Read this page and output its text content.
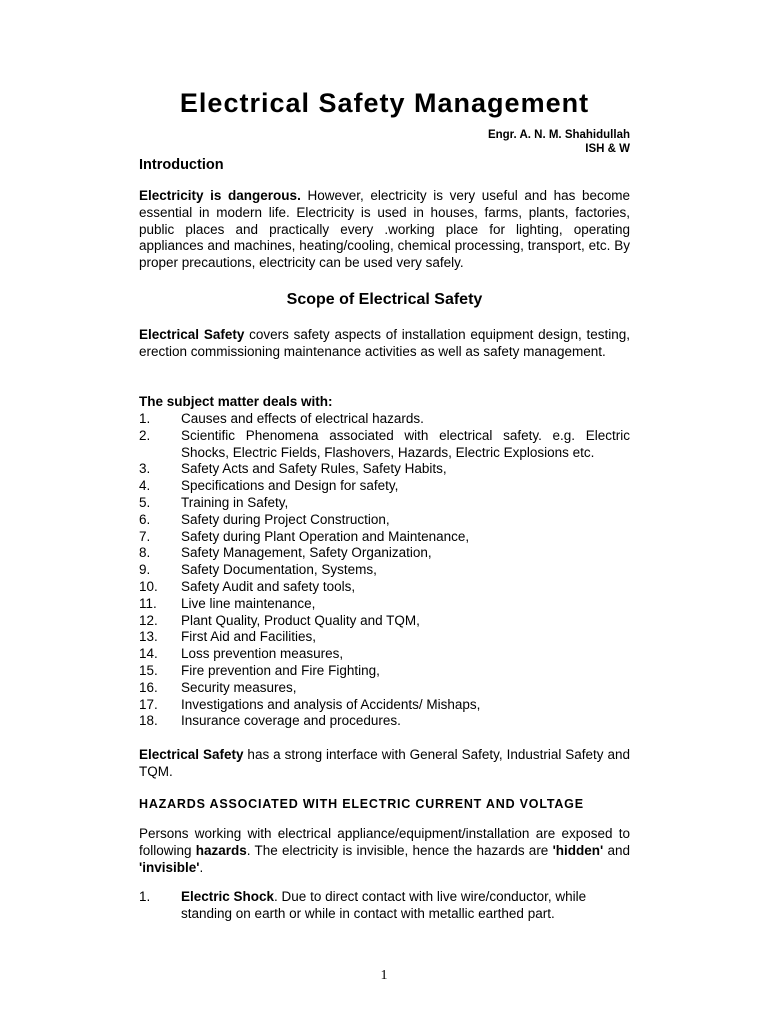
Electrical Safety Management
Engr. A. N. M. Shahidullah
ISH & W
Introduction

Electricity is dangerous. However, electricity is very useful and has become essential in modern life. Electricity is used in houses, farms, plants, factories, public places and practically every .working place for lighting, operating appliances and machines, heating/cooling, chemical processing, transport, etc. By proper precautions, electricity can be used very safely.

Scope of Electrical Safety

Electrical Safety covers safety aspects of installation equipment design, testing, erection commissioning maintenance activities as well as safety management.

The subject matter deals with:
1. Causes and effects of electrical hazards.
2. Scientific Phenomena associated with electrical safety. e.g. Electric Shocks, Electric Fields, Flashovers, Hazards, Electric Explosions etc.
3. Safety Acts and Safety Rules, Safety Habits,
4. Specifications and Design for safety,
5. Training in Safety,
6. Safety during Project Construction,
7. Safety during Plant Operation and Maintenance,
8. Safety Management, Safety Organization,
9. Safety Documentation, Systems,
10. Safety Audit and safety tools,
11. Live line maintenance,
12. Plant Quality, Product Quality and TQM,
13. First Aid and Facilities,
14. Loss prevention measures,
15. Fire prevention and Fire Fighting,
16. Security measures,
17. Investigations and analysis of Accidents/ Mishaps,
18. Insurance coverage and procedures.

Electrical Safety has a strong interface with General Safety, Industrial Safety and TQM.

HAZARDS ASSOCIATED WITH ELECTRIC CURRENT AND VOLTAGE

Persons working with electrical appliance/equipment/installation are exposed to following hazards. The electricity is invisible, hence the hazards are 'hidden' and 'invisible'.

1.	Electric Shock. Due to direct contact with live wire/conductor, while standing on earth or while in contact with metallic earthed part.
1
